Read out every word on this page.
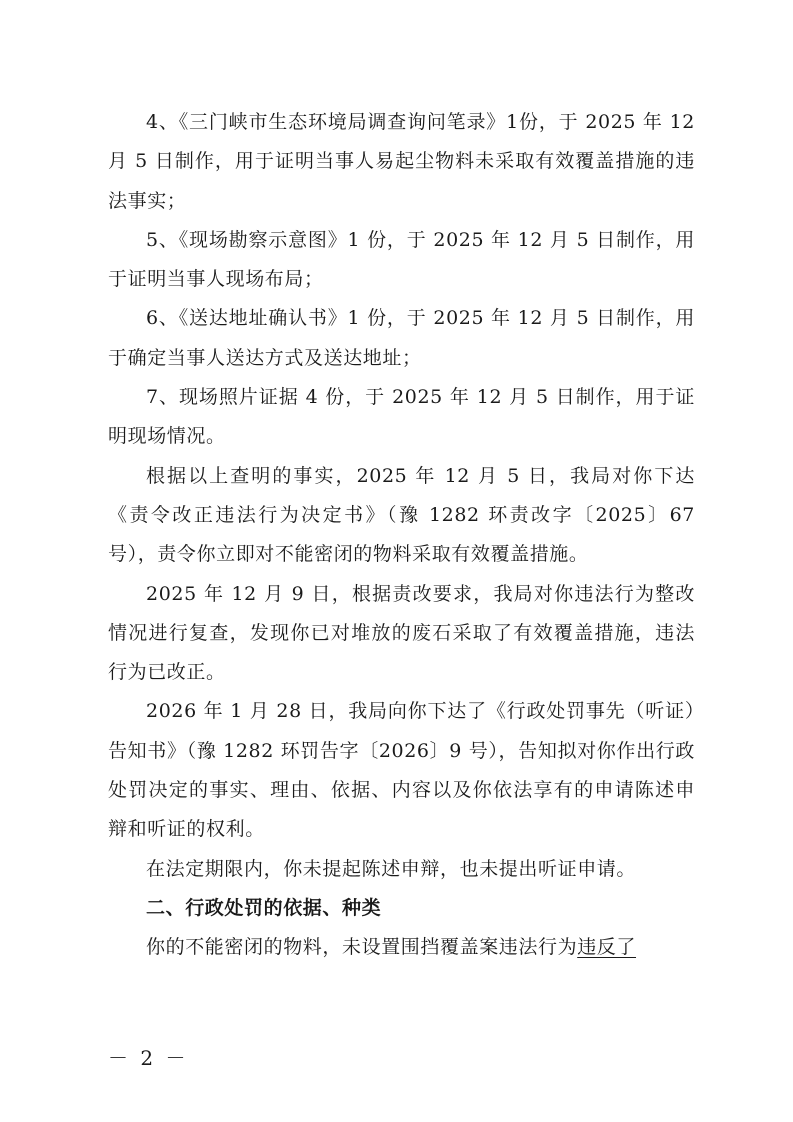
4、《三门峡市生态环境局调查询问笔录》1份，于 2025 年 12 月 5 日制作，用于证明当事人易起尘物料未采取有效覆盖措施的违法事实；

5、《现场勘察示意图》1 份，于 2025 年 12 月 5 日制作，用于证明当事人现场布局；

6、《送达地址确认书》1 份，于 2025 年 12 月 5 日制作，用于确定当事人送达方式及送达地址；

7、现场照片证据 4 份，于 2025 年 12 月 5 日制作，用于证明现场情况。

根据以上查明的事实，2025 年 12 月 5 日，我局对你下达《责令改正违法行为决定书》（豫 1282 环责改字〔2025〕67 号），责令你立即对不能密闭的物料采取有效覆盖措施。

2025 年 12 月 9 日，根据责改要求，我局对你违法行为整改情况进行复查，发现你已对堆放的废石采取了有效覆盖措施，违法行为已改正。

2026 年 1 月 28 日，我局向你下达了《行政处罚事先（听证）告知书》（豫 1282 环罚告字〔2026〕9 号），告知拟对你作出行政处罚决定的事实、理由、依据、内容以及你依法享有的申请陈述申辩和听证的权利。

在法定期限内，你未提起陈述申辩，也未提出听证申请。

二、行政处罚的依据、种类

你的不能密闭的物料，未设置围挡覆盖案违法行为违反了

－ 2 －
